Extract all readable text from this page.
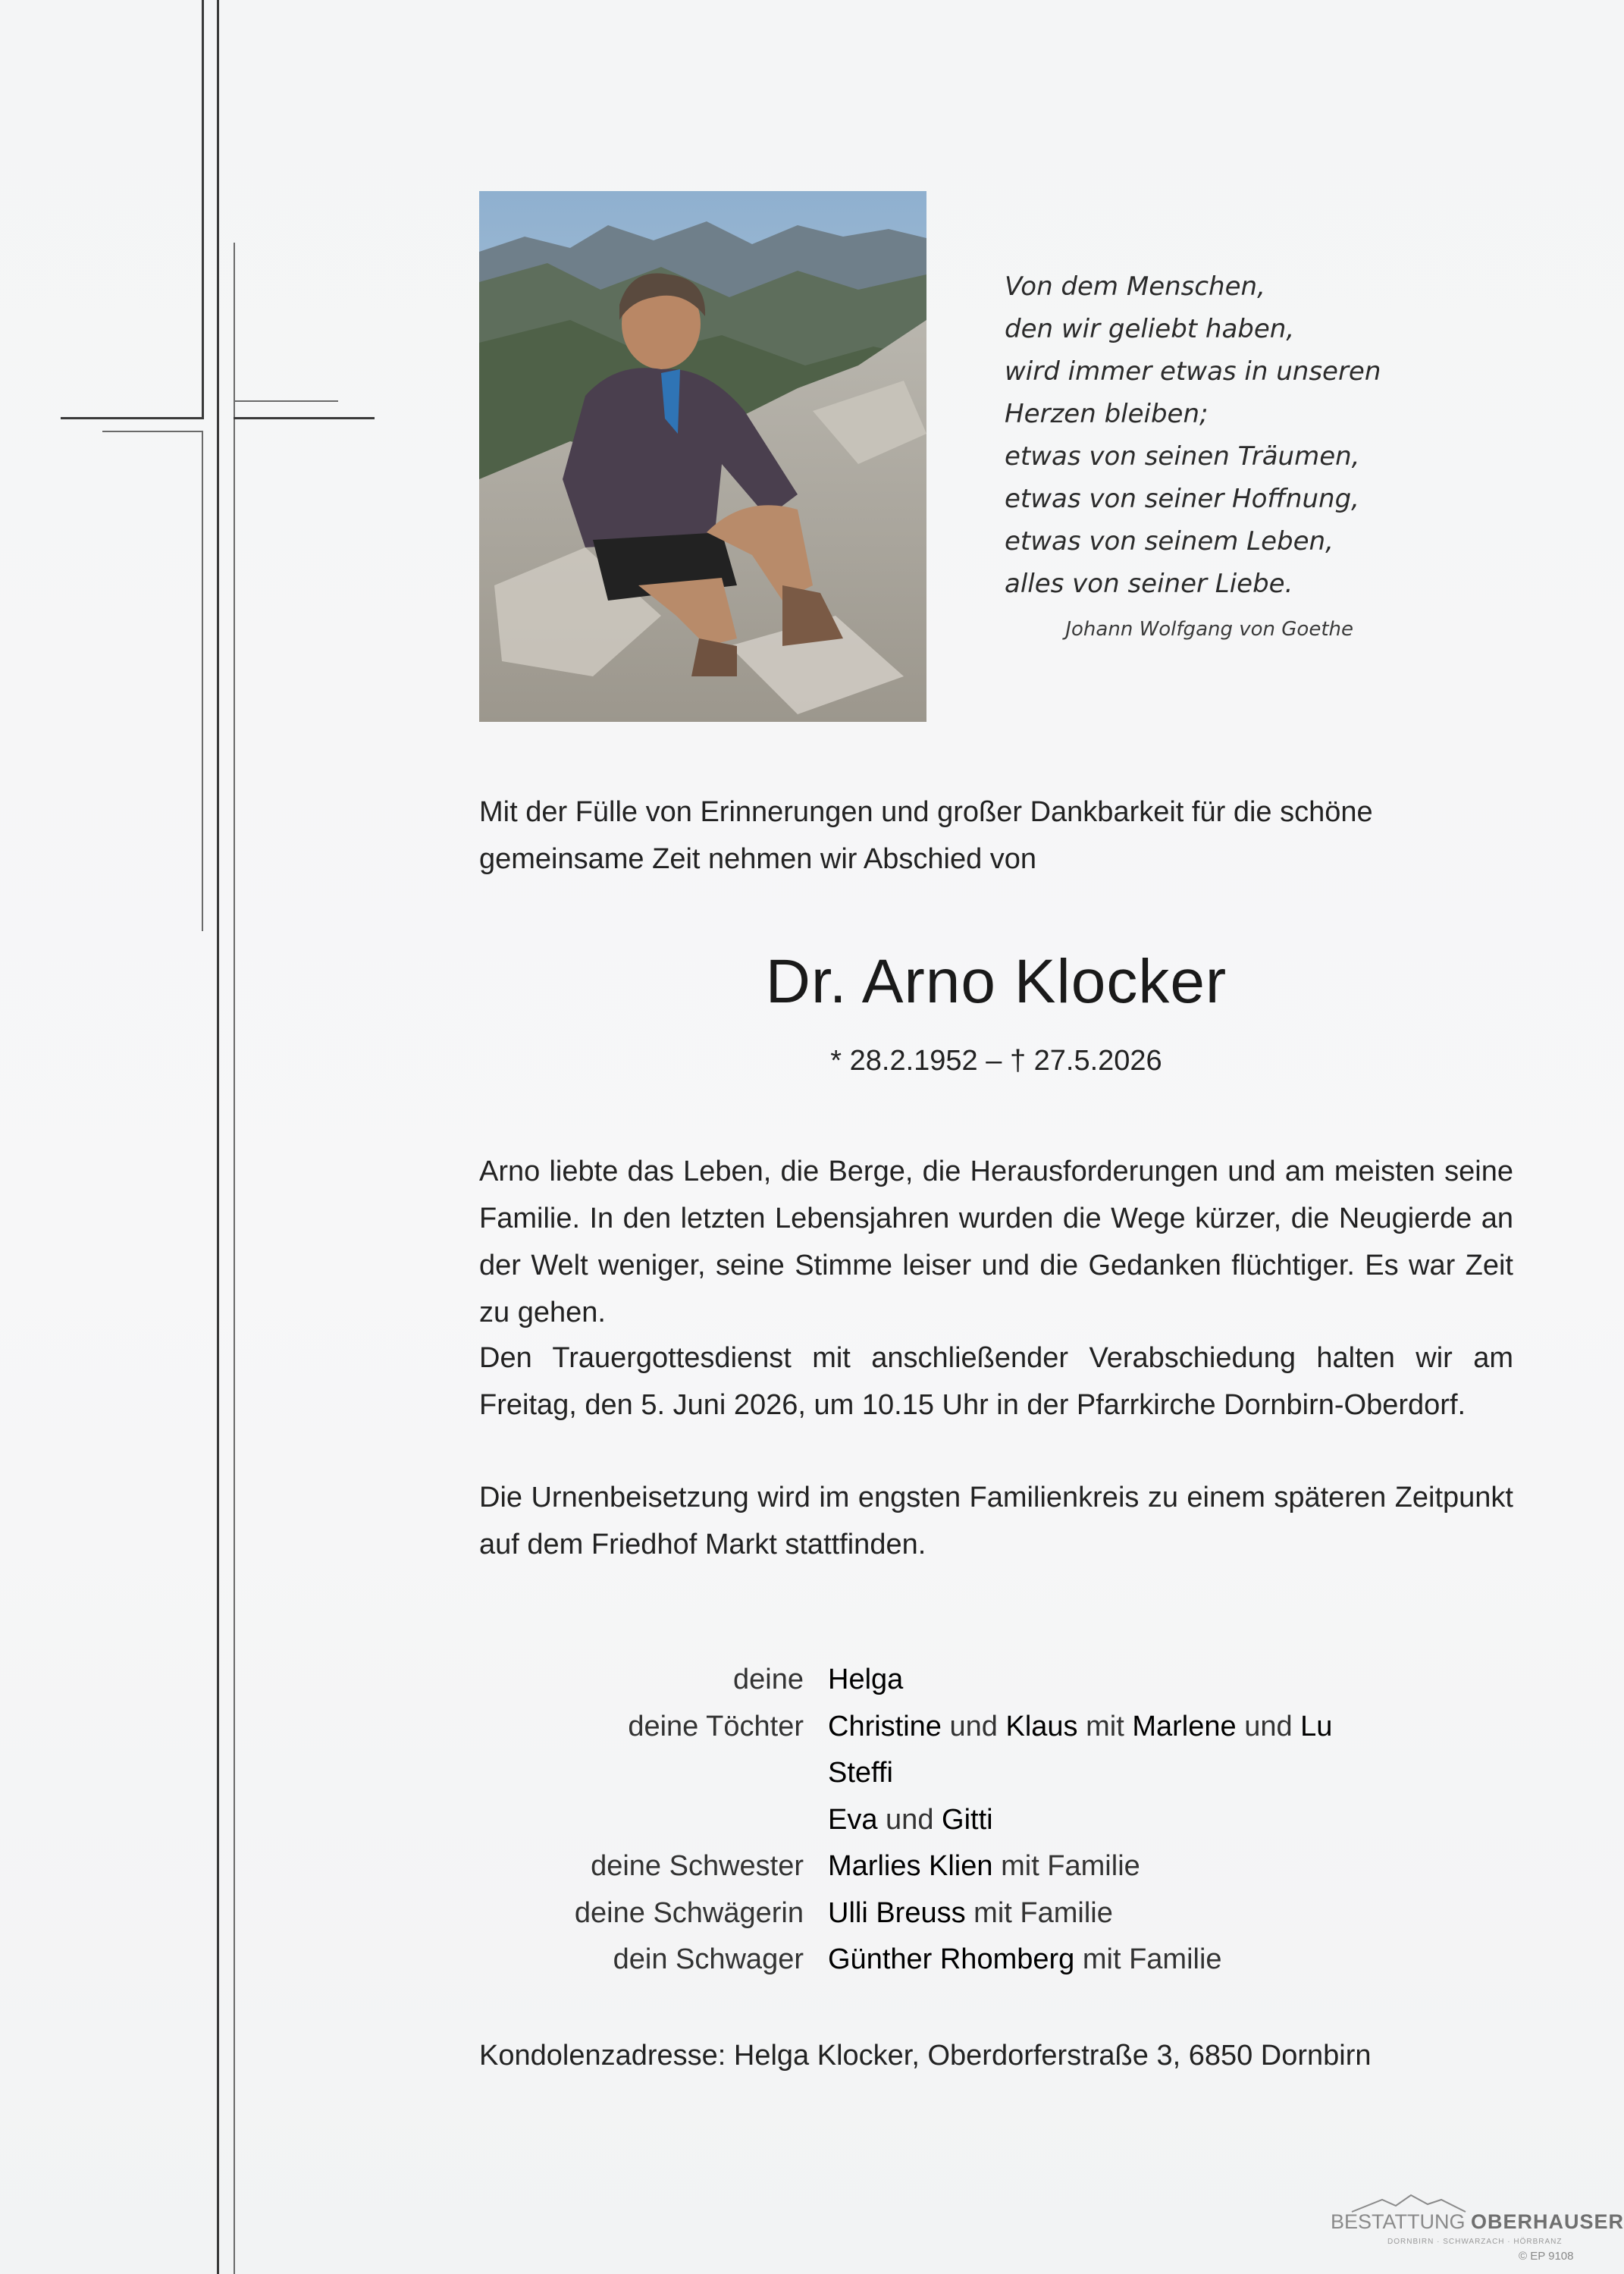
Von dem Menschen,
den wir geliebt haben,
wird immer etwas in unseren
Herzen bleiben;
etwas von seinen Träumen,
etwas von seiner Hoffnung,
etwas von seinem Leben,
alles von seiner Liebe.
Johann Wolfgang von Goethe
Mit der Fülle von Erinnerungen und großer Dankbarkeit für die schöne gemeinsame Zeit nehmen wir Abschied von
Dr. Arno Klocker
* 28.2.1952 – † 27.5.2026
Arno liebte das Leben, die Berge, die Herausforderungen und am meisten seine Familie. In den letzten Lebensjahren wurden die Wege kürzer, die Neugierde an der Welt weniger, seine Stimme leiser und die Gedanken flüchtiger. Es war Zeit zu gehen.
Den Trauergottesdienst mit anschließender Verabschiedung halten wir am Freitag, den 5. Juni 2026, um 10.15 Uhr in der Pfarrkirche Dornbirn-Oberdorf.
Die Urnenbeisetzung wird im engsten Familienkreis zu einem späteren Zeitpunkt auf dem Friedhof Markt stattfinden.
deine Helga
deine Töchter Christine und Klaus mit Marlene und Lu
Steffi
Eva und Gitti
deine Schwester Marlies Klien mit Familie
deine Schwägerin Ulli Breuss mit Familie
dein Schwager Günther Rhomberg mit Familie
Kondolenzadresse: Helga Klocker, Oberdorferstraße 3, 6850 Dornbirn
BESTATTUNG OBERHAUSER
DORNBIRN · SCHWARZACH · HÖRBRANZ
© EP 9108
